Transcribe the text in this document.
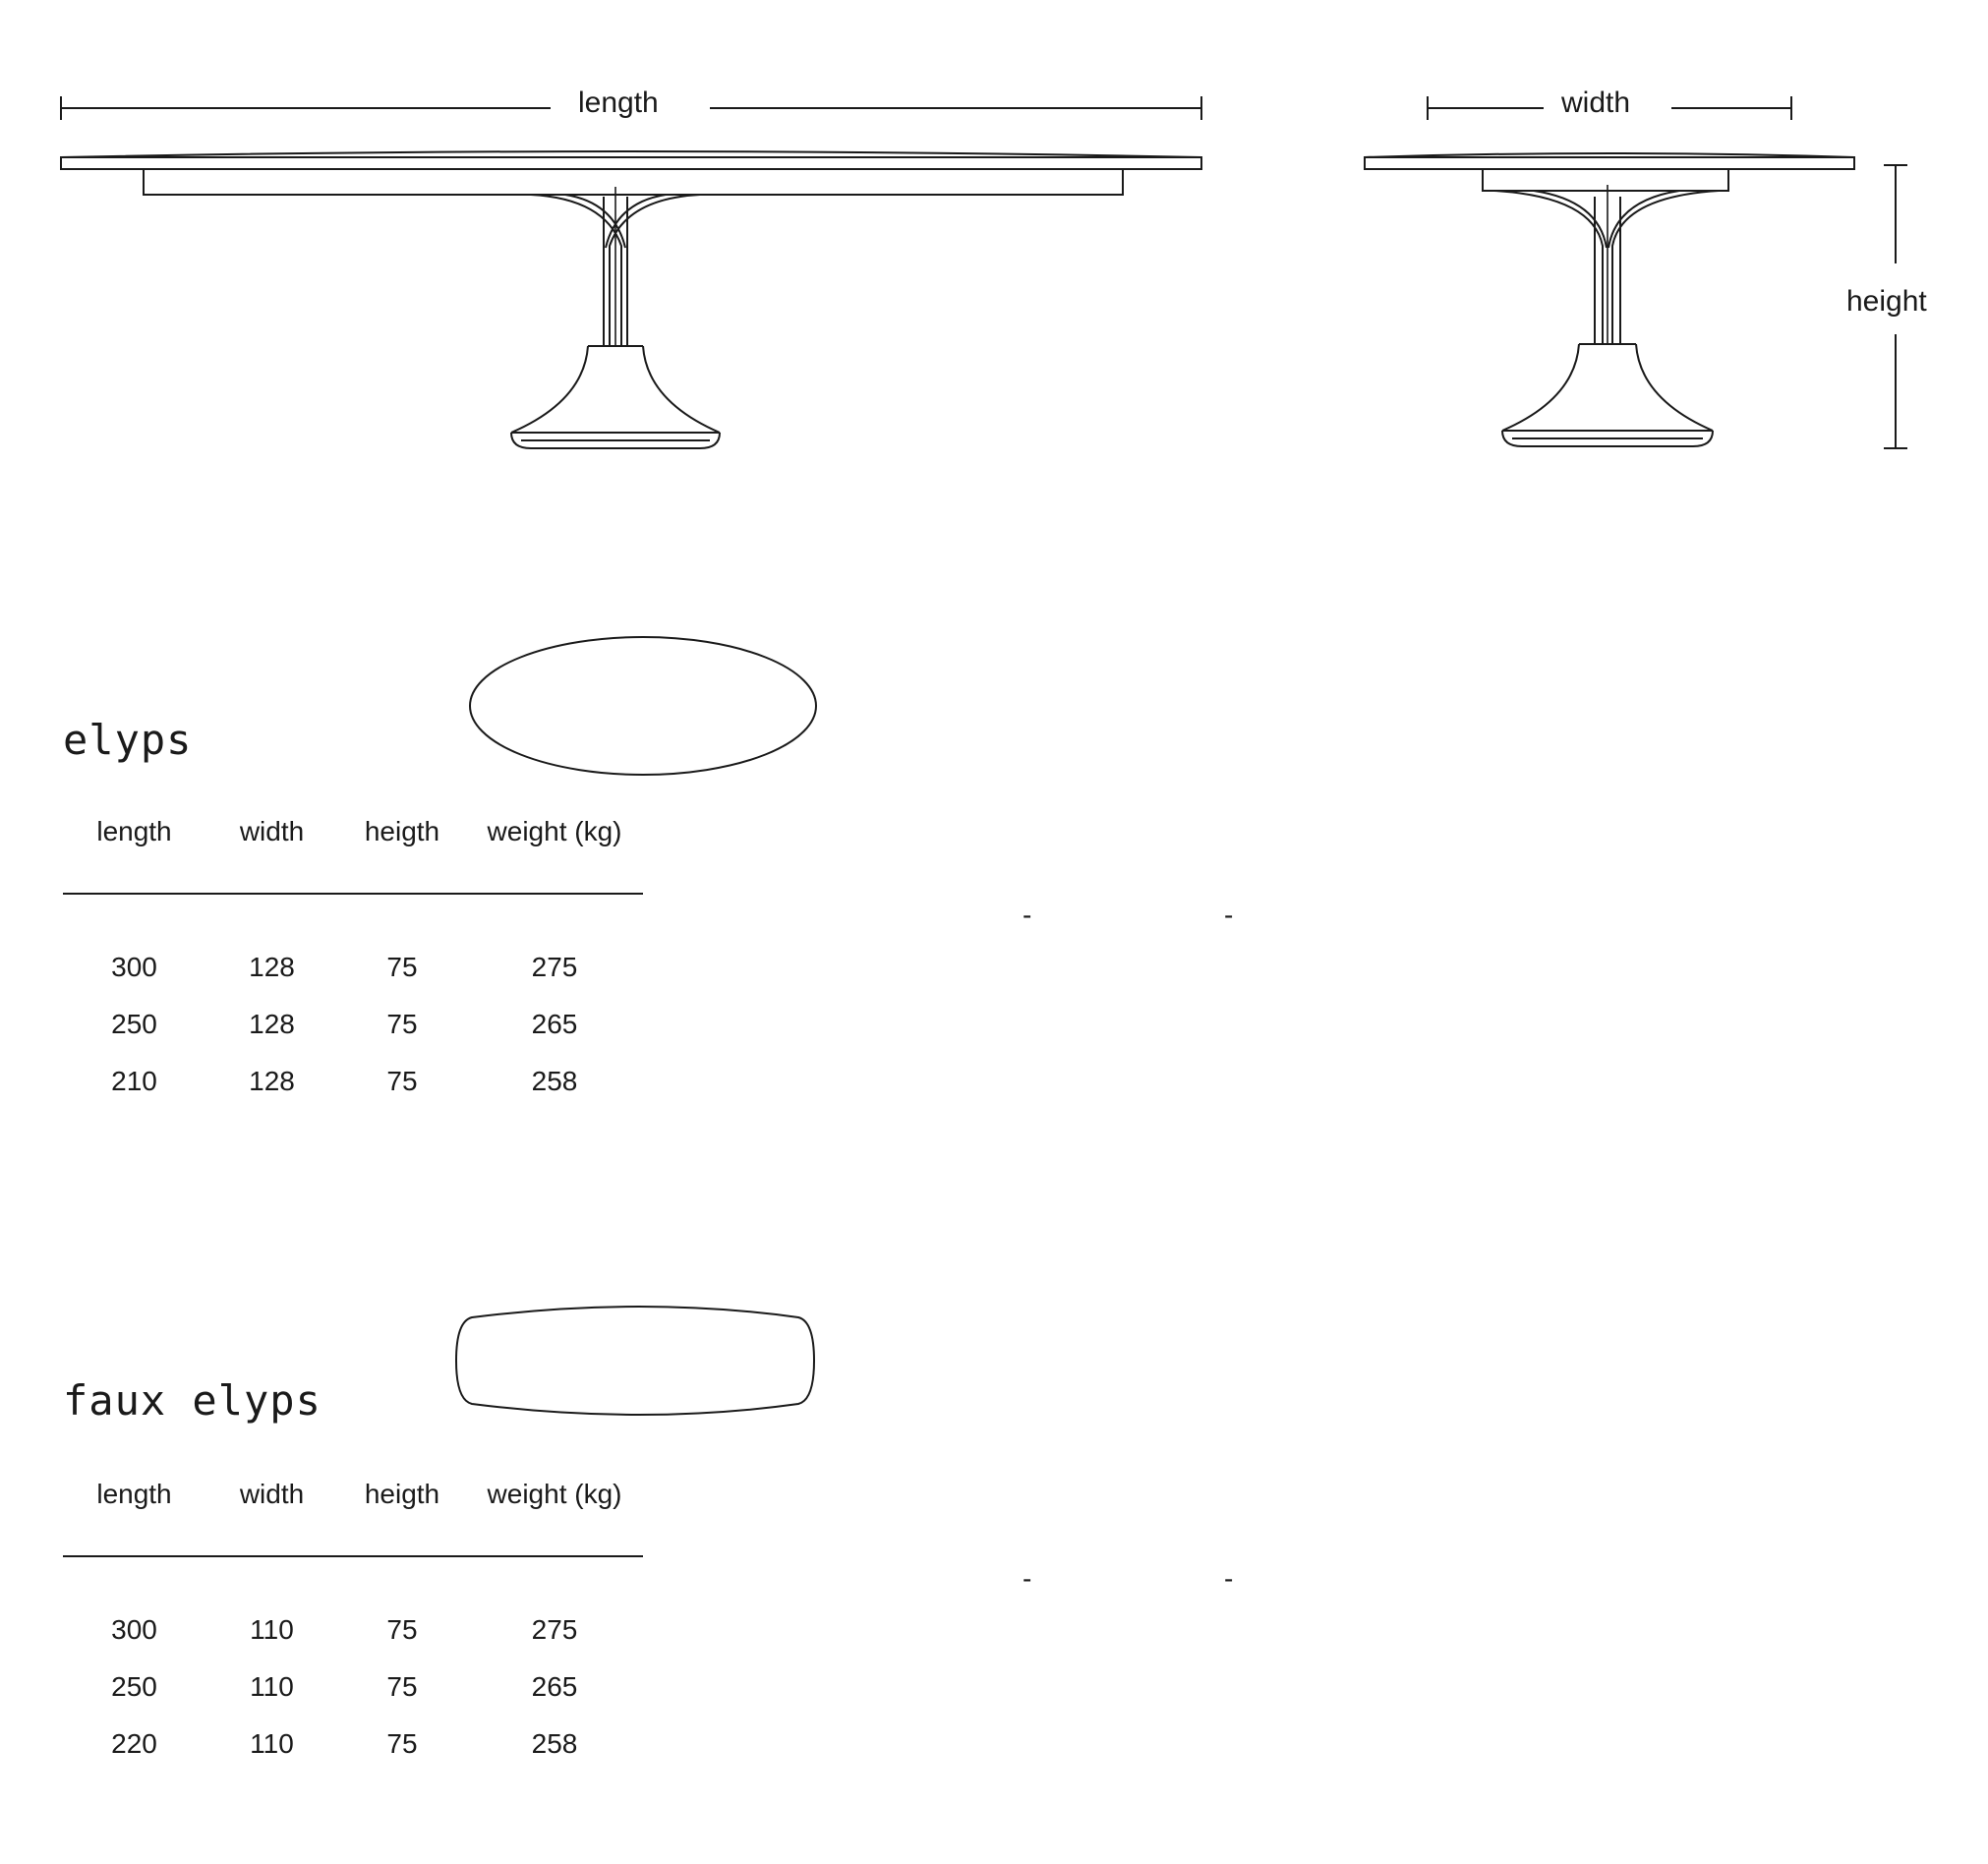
length	width
height
elyps
length	width	heigth	weight (kg)
300	128	75	275
250	128	75	265
210	128	75	258
faux elyps
length	width	heigth	weight (kg)
300	110	75	275
250	110	75	265
220	110	75	258
-	-
-	-
